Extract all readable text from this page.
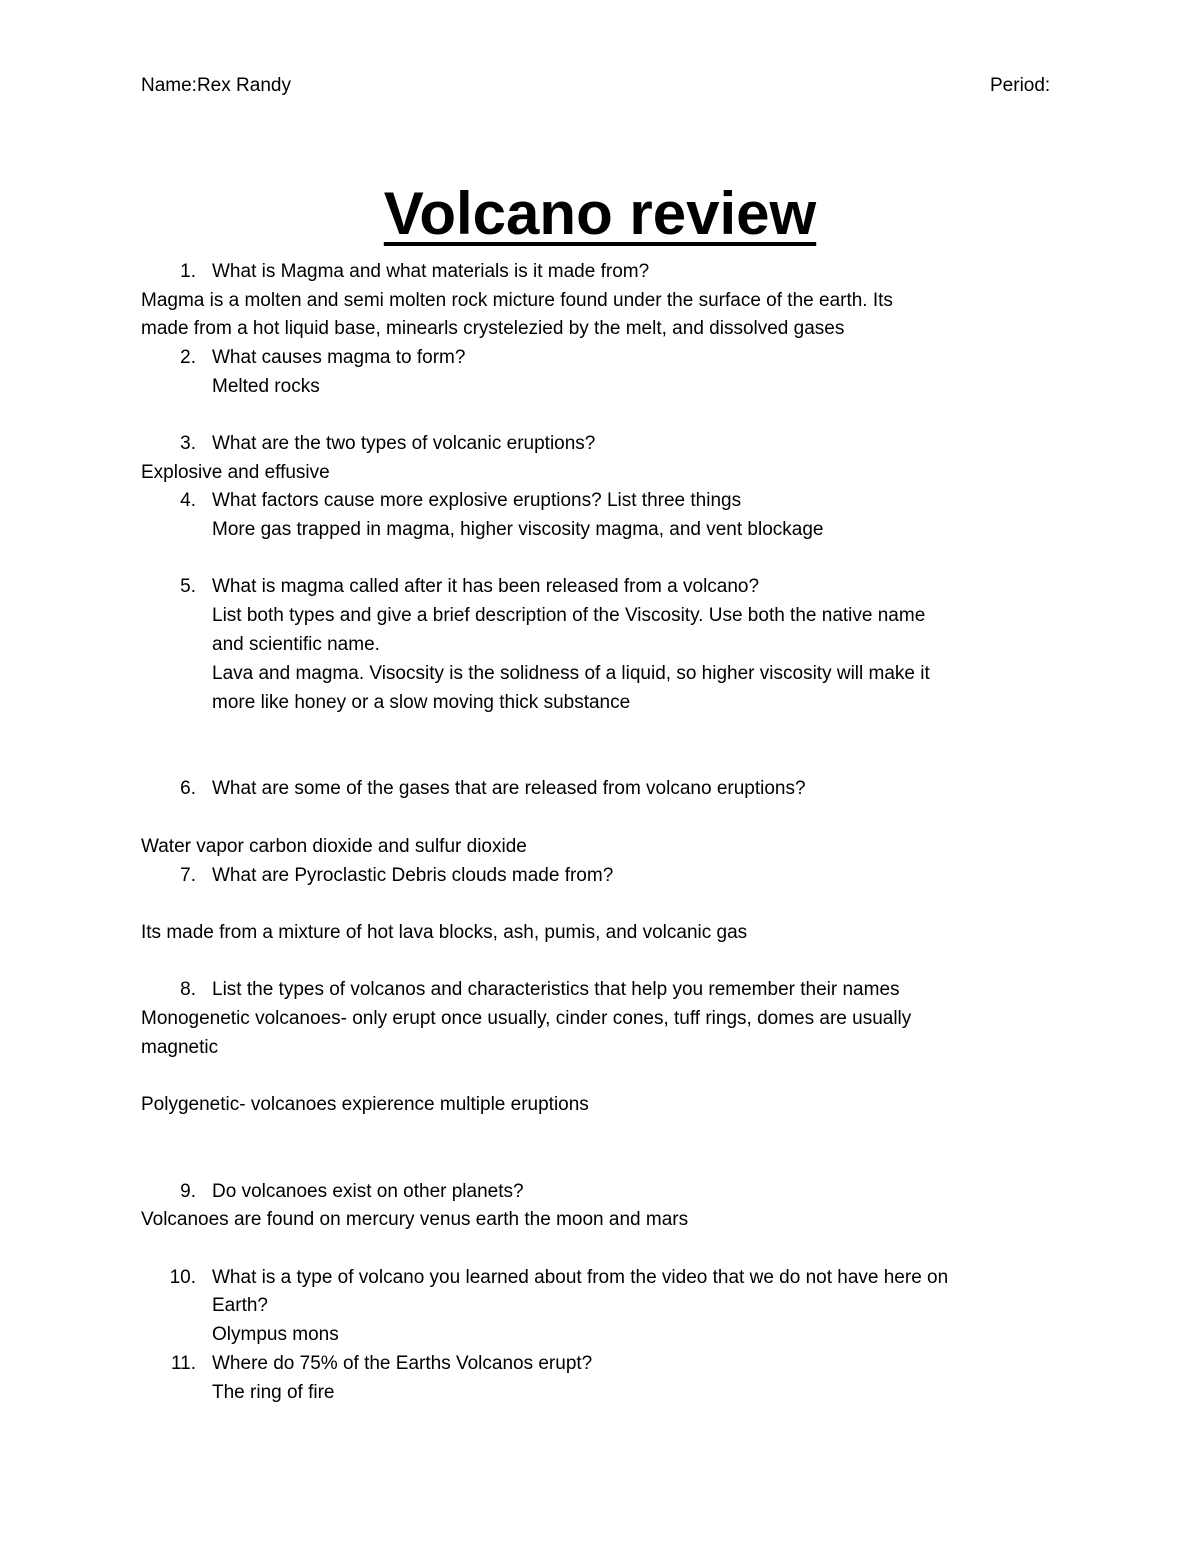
Name:Rex Randy	Period:
Volcano review
1. What is Magma and what materials is it made from?
Magma is a molten and semi molten rock micture found under the surface of the earth. Its
made from a hot liquid base, minearls crystelezied by the melt, and dissolved gases
2. What causes magma to form?
Melted rocks
3. What are the two types of volcanic eruptions?
Explosive and effusive
4. What factors cause more explosive eruptions? List three things
More gas trapped in magma, higher viscosity magma, and vent blockage
5. What is magma called after it has been released from a volcano?
List both types and give a brief description of the Viscosity. Use both the native name
and scientific name.
Lava and magma. Visocsity is the solidness of a liquid, so higher viscosity will make it
more like honey or a slow moving thick substance
6. What are some of the gases that are released from volcano eruptions?
Water vapor carbon dioxide and sulfur dioxide
7. What are Pyroclastic Debris clouds made from?
Its made from a mixture of hot lava blocks, ash, pumis, and volcanic gas
8. List the types of volcanos and characteristics that help you remember their names
Monogenetic volcanoes- only erupt once usually, cinder cones, tuff rings, domes are usually
magnetic
Polygenetic- volcanoes expierence multiple eruptions
9. Do volcanoes exist on other planets?
Volcanoes are found on mercury venus earth the moon and mars
10. What is a type of volcano you learned about from the video that we do not have here on
Earth?
Olympus mons
11. Where do 75% of the Earths Volcanos erupt?
The ring of fire
